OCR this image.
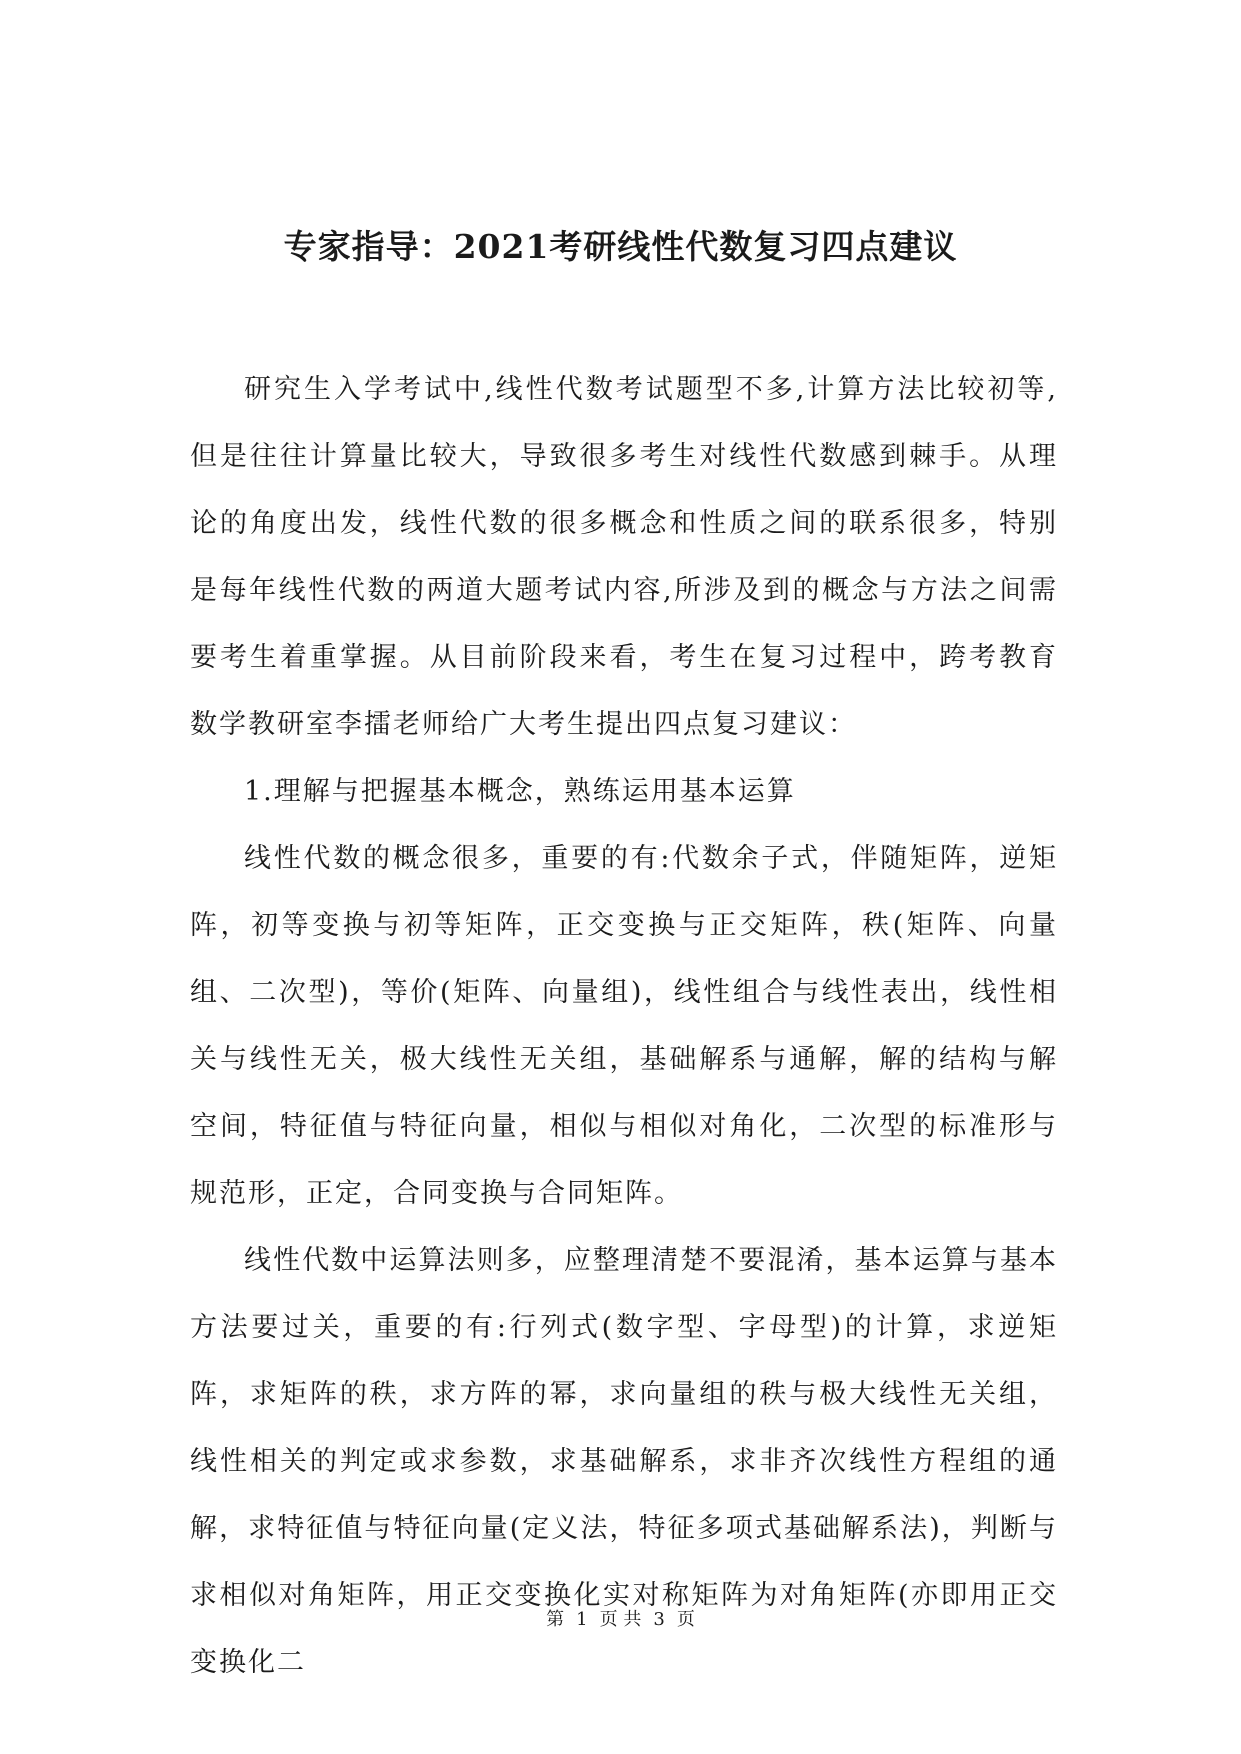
专家指导：2021考研线性代数复习四点建议

研究生入学考试中,线性代数考试题型不多,计算方法比较初等,但是往往计算量比较大，导致很多考生对线性代数感到棘手。从理论的角度出发，线性代数的很多概念和性质之间的联系很多，特别是每年线性代数的两道大题考试内容,所涉及到的概念与方法之间需要考生着重掌握。从目前阶段来看，考生在复习过程中，跨考教育数学教研室李擂老师给广大考生提出四点复习建议：

1.理解与把握基本概念，熟练运用基本运算

线性代数的概念很多，重要的有:代数余子式，伴随矩阵，逆矩阵，初等变换与初等矩阵，正交变换与正交矩阵，秩(矩阵、向量组、二次型)，等价(矩阵、向量组)，线性组合与线性表出，线性相关与线性无关，极大线性无关组，基础解系与通解，解的结构与解空间，特征值与特征向量，相似与相似对角化，二次型的标准形与规范形，正定，合同变换与合同矩阵。

线性代数中运算法则多，应整理清楚不要混淆，基本运算与基本方法要过关，重要的有:行列式(数字型、字母型)的计算，求逆矩阵，求矩阵的秩，求方阵的幂，求向量组的秩与极大线性无关组，线性相关的判定或求参数，求基础解系，求非齐次线性方程组的通解，求特征值与特征向量(定义法，特征多项式基础解系法)，判断与求相似对角矩阵，用正交变换化实对称矩阵为对角矩阵(亦即用正交变换化二

第 1 页 共 3 页
